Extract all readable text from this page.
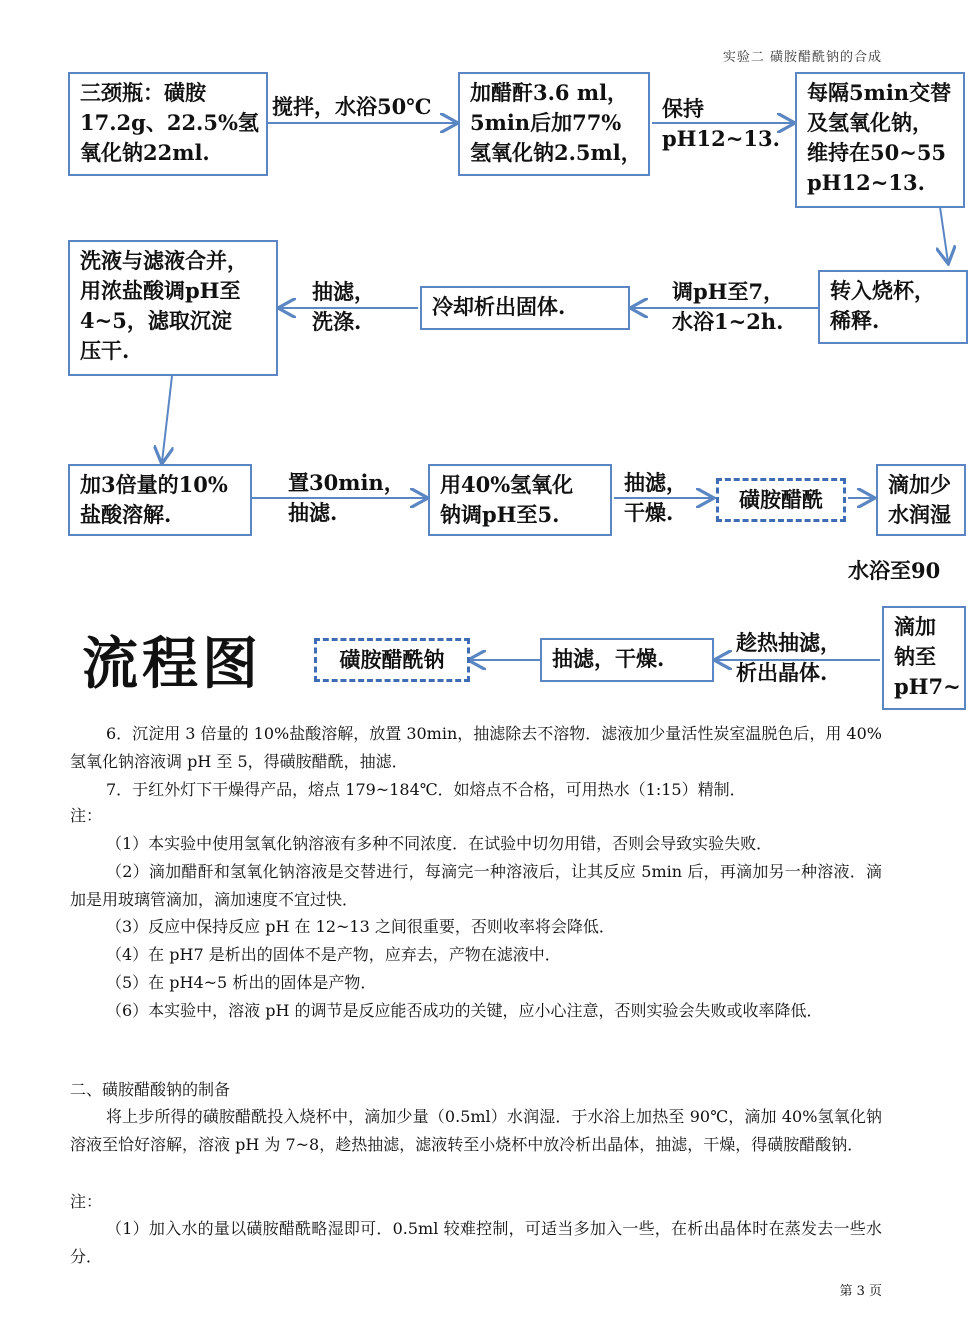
实验二 磺胺醋酰钠的合成
三颈瓶：磺胺
17.2g、22.5%氢
氧化钠22ml.
搅拌，水浴50℃
加醋酐3.6 ml，
5min后加77%
氢氧化钠2.5ml，
保持
pH12~13.
每隔5min交替
及氢氧化钠，
维持在50~55
pH12~13.
转入烧杯，
稀释.
调pH至7，
水浴1~2h.
冷却析出固体.
抽滤，
洗涤.
洗液与滤液合并，
用浓盐酸调pH至
4~5，滤取沉淀
压干.
加3倍量的10%
盐酸溶解.
置30min，
抽滤.
用40%氢氧化
钠调pH至5.
抽滤，
干燥.
磺胺醋酰
滴加少
水润湿
水浴至90
流程图	磺胺醋酰钠	抽滤，干燥.
趁热抽滤，
析出晶体.
滴加
钠至
pH7~
6．沉淀用 3 倍量的 10%盐酸溶解，放置 30min，抽滤除去不溶物．滤液加少量活性炭室温脱色后，用 40%氢氧化钠溶液调 pH 至 5，得磺胺醋酰，抽滤．
7．于红外灯下干燥得产品，熔点 179~184℃．如熔点不合格，可用热水（1:15）精制．
注：
（1）本实验中使用氢氧化钠溶液有多种不同浓度．在试验中切勿用错，否则会导致实验失败．
（2）滴加醋酐和氢氧化钠溶液是交替进行，每滴完一种溶液后，让其反应 5min 后，再滴加另一种溶液．滴加是用玻璃管滴加，滴加速度不宜过快．
（3）反应中保持反应 pH 在 12~13 之间很重要，否则收率将会降低．
（4）在 pH7 是析出的固体不是产物，应弃去，产物在滤液中．
（5）在 pH4~5 析出的固体是产物．
（6）本实验中，溶液 pH 的调节是反应能否成功的关键，应小心注意，否则实验会失败或收率降低．
二、磺胺醋酸钠的制备
将上步所得的磺胺醋酰投入烧杯中，滴加少量（0.5ml）水润湿．于水浴上加热至 90℃，滴加 40%氢氧化钠溶液至恰好溶解，溶液 pH 为 7~8，趁热抽滤，滤液转至小烧杯中放冷析出晶体，抽滤，干燥，得磺胺醋酸钠．
注：
（1）加入水的量以磺胺醋酰略湿即可．0.5ml 较难控制，可适当多加入一些，在析出晶体时在蒸发去一些水分．
第 3 页
